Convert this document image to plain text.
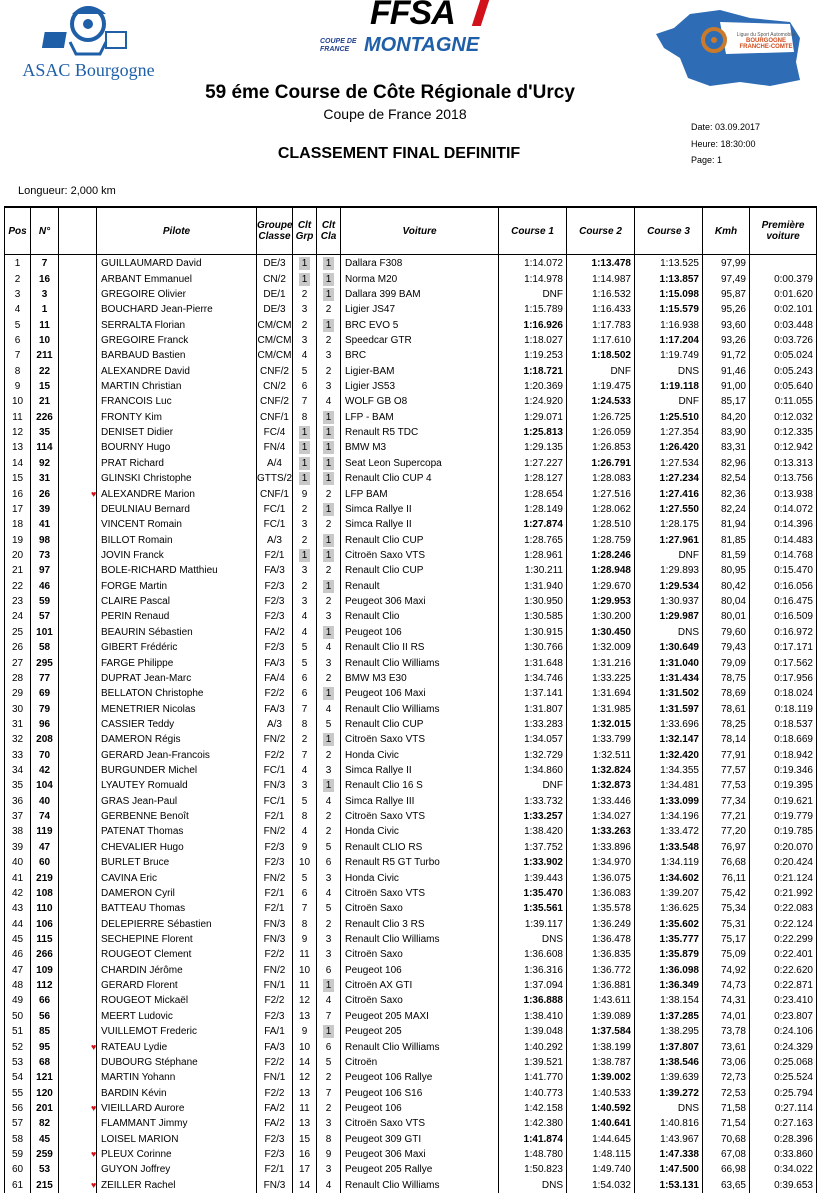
ASAC Bourgogne
FFSA
COUPE DE FRANCE MONTAGNE	Ligue du Sport Automobile
BOURGOGNE
FRANCHE-COMTE
59 éme Course de Côte Régionale d'Urcy
Coupe de France 2018
CLASSEMENT FINAL DEFINITIF
Date: 03.09.2017
Heure: 18:30:00
Page: 1
Longueur: 2,000 km
Pos	N°		Pilote	Groupe Classe	Clt Grp	Clt Cla	Voiture	Course 1	Course 2	Course 3	Kmh	Première voiture
1	7		GUILLAUMARD David	DE/3	1	1	Dallara F308	1:14.072	1:13.478	1:13.525	97,99	
2	16		ARBANT Emmanuel	CN/2	1	1	Norma M20	1:14.978	1:14.987	1:13.857	97,49	0:00.379
3	3		GREGOIRE Olivier	DE/1	2	1	Dallara 399 BAM	DNF	1:16.532	1:15.098	95,87	0:01.620
4	1		BOUCHARD Jean-Pierre	DE/3	3	2	Ligier JS47	1:15.789	1:16.433	1:15.579	95,26	0:02.101
5	11		SERRALTA Florian	CM/CM	2	1	BRC EVO 5	1:16.926	1:17.783	1:16.938	93,60	0:03.448
6	10		GREGOIRE Franck	CM/CM	3	2	Speedcar GTR	1:18.027	1:17.610	1:17.204	93,26	0:03.726
7	211		BARBAUD Bastien	CM/CM	4	3	BRC	1:19.253	1:18.502	1:19.749	91,72	0:05.024
8	22		ALEXANDRE David	CNF/2	5	2	Ligier-BAM	1:18.721	DNF	DNS	91,46	0:05.243
9	15		MARTIN Christian	CN/2	6	3	Ligier JS53	1:20.369	1:19.475	1:19.118	91,00	0:05.640
10	21		FRANCOIS Luc	CNF/2	7	4	WOLF GB O8	1:24.920	1:24.533	DNF	85,17	0:11.055
11	226		FRONTY Kim	CNF/1	8	1	LFP - BAM	1:29.071	1:26.725	1:25.510	84,20	0:12.032
12	35		DENISET Didier	FC/4	1	1	Renault R5 TDC	1:25.813	1:26.059	1:27.354	83,90	0:12.335
13	114		BOURNY Hugo	FN/4	1	1	BMW M3	1:29.135	1:26.853	1:26.420	83,31	0:12.942
14	92		PRAT Richard	A/4	1	1	Seat Leon Supercopa	1:27.227	1:26.791	1:27.534	82,96	0:13.313
15	31		GLINSKI Christophe	GTTS/2	1	1	Renault Clio CUP 4	1:28.127	1:28.083	1:27.234	82,54	0:13.756
16	26		♥ ALEXANDRE Marion	CNF/1	9	2	LFP BAM	1:28.654	1:27.516	1:27.416	82,36	0:13.938
17	39		DEULNIAU Bernard	FC/1	2	1	Simca Rallye II	1:28.149	1:28.062	1:27.550	82,24	0:14.072
18	41		VINCENT Romain	FC/1	3	2	Simca Rallye II	1:27.874	1:28.510	1:28.175	81,94	0:14.396
19	98		BILLOT Romain	A/3	2	1	Renault Clio CUP	1:28.765	1:28.759	1:27.961	81,85	0:14.483
20	73		JOVIN Franck	F2/1	1	1	Citroën Saxo VTS	1:28.961	1:28.246	DNF	81,59	0:14.768
21	97		BOLE-RICHARD Matthieu	FA/3	3	2	Renault Clio CUP	1:30.211	1:28.948	1:29.893	80,95	0:15.470
22	46		FORGE Martin	F2/3	2	1	Renault	1:31.940	1:29.670	1:29.534	80,42	0:16.056
23	59		CLAIRE Pascal	F2/3	3	2	Peugeot 306 Maxi	1:30.950	1:29.953	1:30.937	80,04	0:16.475
24	57		PERIN Renaud	F2/3	4	3	Renault Clio	1:30.585	1:30.200	1:29.987	80,01	0:16.509
25	101		BEAURIN Sébastien	FA/2	4	1	Peugeot 106	1:30.915	1:30.450	DNS	79,60	0:16.972
26	58		GIBERT Frédéric	F2/3	5	4	Renault Clio II RS	1:30.766	1:32.009	1:30.649	79,43	0:17.171
27	295		FARGE Philippe	FA/3	5	3	Renault Clio Williams	1:31.648	1:31.216	1:31.040	79,09	0:17.562
28	77		DUPRAT Jean-Marc	FA/4	6	2	BMW M3 E30	1:34.746	1:33.225	1:31.434	78,75	0:17.956
29	69		BELLATON Christophe	F2/2	6	1	Peugeot 106 Maxi	1:37.141	1:31.694	1:31.502	78,69	0:18.024
30	79		MENETRIER Nicolas	FA/3	7	4	Renault Clio Williams	1:31.807	1:31.985	1:31.597	78,61	0:18.119
31	96		CASSIER Teddy	A/3	8	5	Renault Clio CUP	1:33.283	1:32.015	1:33.696	78,25	0:18.537
32	208		DAMERON Régis	FN/2	2	1	Citroën Saxo VTS	1:34.057	1:33.799	1:32.147	78,14	0:18.669
33	70		GERARD Jean-Francois	F2/2	7	2	Honda Civic	1:32.729	1:32.511	1:32.420	77,91	0:18.942
34	42		BURGUNDER Michel	FC/1	4	3	Simca Rallye II	1:34.860	1:32.824	1:34.355	77,57	0:19.346
35	104		LYAUTEY Romuald	FN/3	3	1	Renault Clio 16 S	DNF	1:32.873	1:34.481	77,53	0:19.395
36	40		GRAS Jean-Paul	FC/1	5	4	Simca Rallye III	1:33.732	1:33.446	1:33.099	77,34	0:19.621
37	74		GERBENNE Benoît	F2/1	8	2	Citroën Saxo VTS	1:33.257	1:34.027	1:34.196	77,21	0:19.779
38	119		PATENAT Thomas	FN/2	4	2	Honda Civic	1:38.420	1:33.263	1:33.472	77,20	0:19.785
39	47		CHEVALIER Hugo	F2/3	9	5	Renault CLIO RS	1:37.752	1:33.896	1:33.548	76,97	0:20.070
40	60		BURLET Bruce	F2/3	10	6	Renault R5 GT Turbo	1:33.902	1:34.970	1:34.119	76,68	0:20.424
41	219		CAVINA Eric	FN/2	5	3	Honda Civic	1:39.443	1:36.075	1:34.602	76,11	0:21.124
42	108		DAMERON Cyril	F2/1	6	4	Citroën Saxo VTS	1:35.470	1:36.083	1:39.207	75,42	0:21.992
43	110		BATTEAU Thomas	F2/1	7	5	Citroën Saxo	1:35.561	1:35.578	1:36.625	75,34	0:22.083
44	106		DELEPIERRE Sébastien	FN/3	8	2	Renault Clio 3 RS	1:39.117	1:36.249	1:35.602	75,31	0:22.124
45	115		SECHEPINE Florent	FN/3	9	3	Renault Clio Williams	DNS	1:36.478	1:35.777	75,17	0:22.299
46	266		ROUGEOT Clement	F2/2	11	3	Citroën Saxo	1:36.608	1:36.835	1:35.879	75,09	0:22.401
47	109		CHARDIN Jérôme	FN/2	10	6	Peugeot 106	1:36.316	1:36.772	1:36.098	74,92	0:22.620
48	112		GERARD Florent	FN/1	11	1	Citroën AX GTI	1:37.094	1:36.881	1:36.349	74,73	0:22.871
49	66		ROUGEOT Mickaël	F2/2	12	4	Citroën Saxo	1:36.888	1:43.611	1:38.154	74,31	0:23.410
50	56		MEERT Ludovic	F2/3	13	7	Peugeot 205 MAXI	1:38.410	1:39.089	1:37.285	74,01	0:23.807
51	85		VUILLEMOT Frederic	FA/1	9	1	Peugeot 205	1:39.048	1:37.584	1:38.295	73,78	0:24.106
52	95		♥ RATEAU Lydie	FA/3	10	6	Renault Clio Williams	1:40.292	1:38.199	1:37.807	73,61	0:24.329
53	68		DUBOURG Stéphane	F2/2	14	5	Citroën	1:39.521	1:38.787	1:38.546	73,06	0:25.068
54	121		MARTIN Yohann	FN/1	12	2	Peugeot 106 Rallye	1:41.770	1:39.002	1:39.639	72,73	0:25.524
55	120		BARDIN Kévin	F2/2	13	7	Peugeot 106 S16	1:40.773	1:40.533	1:39.272	72,53	0:25.794
56	201		♥ VIEILLARD Aurore	FA/2	11	2	Peugeot 106	1:42.158	1:40.592	DNS	71,58	0:27.114
57	82		FLAMMANT Jimmy	FA/2	13	3	Citroën Saxo VTS	1:42.380	1:40.641	1:40.816	71,54	0:27.163
58	45		LOISEL MARION	F2/3	15	8	Peugeot 309 GTI	1:41.874	1:44.645	1:43.967	70,68	0:28.396
59	259		♥ PLEUX Corinne	F2/3	16	9	Peugeot 306 Maxi	1:48.780	1:48.115	1:47.338	67,08	0:33.860
60	53		GUYON Joffrey	F2/1	17	3	Peugeot 205 Rallye	1:50.823	1:49.740	1:47.500	66,98	0:34.022
61	215		♥ ZEILLER Rachel	FN/3	14	4	Renault Clio Williams	DNS	1:54.032	1:53.131	63,65	0:39.653
